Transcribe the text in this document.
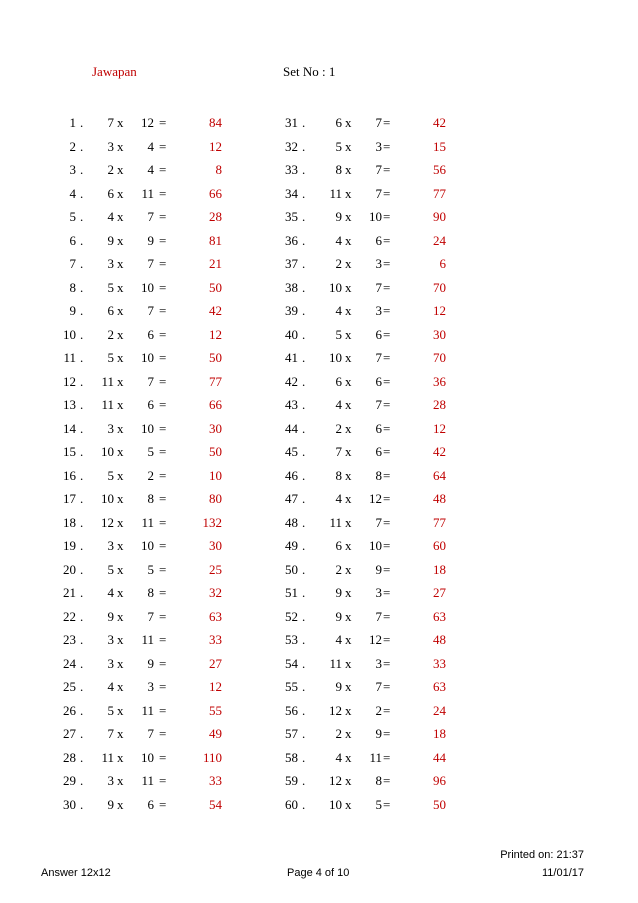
Jawapan	Set No : 1
1 .	7 x	12 =	84	31 .	6 x	7 =	42
2 .	3 x	4 =	12	32 .	5 x	3 =	15
3 .	2 x	4 =	8	33 .	8 x	7 =	56
4 .	6 x	11 =	66	34 .	11 x	7 =	77
5 .	4 x	7 =	28	35 .	9 x	10 =	90
6 .	9 x	9 =	81	36 .	4 x	6 =	24
7 .	3 x	7 =	21	37 .	2 x	3 =	6
8 .	5 x	10 =	50	38 .	10 x	7 =	70
9 .	6 x	7 =	42	39 .	4 x	3 =	12
10 .	2 x	6 =	12	40 .	5 x	6 =	30
11 .	5 x	10 =	50	41 .	10 x	7 =	70
12 .	11 x	7 =	77	42 .	6 x	6 =	36
13 .	11 x	6 =	66	43 .	4 x	7 =	28
14 .	3 x	10 =	30	44 .	2 x	6 =	12
15 .	10 x	5 =	50	45 .	7 x	6 =	42
16 .	5 x	2 =	10	46 .	8 x	8 =	64
17 .	10 x	8 =	80	47 .	4 x	12 =	48
18 .	12 x	11 =	132	48 .	11 x	7 =	77
19 .	3 x	10 =	30	49 .	6 x	10 =	60
20 .	5 x	5 =	25	50 .	2 x	9 =	18
21 .	4 x	8 =	32	51 .	9 x	3 =	27
22 .	9 x	7 =	63	52 .	9 x	7 =	63
23 .	3 x	11 =	33	53 .	4 x	12 =	48
24 .	3 x	9 =	27	54 .	11 x	3 =	33
25 .	4 x	3 =	12	55 .	9 x	7 =	63
26 .	5 x	11 =	55	56 .	12 x	2 =	24
27 .	7 x	7 =	49	57 .	2 x	9 =	18
28 .	11 x	10 =	110	58 .	4 x	11 =	44
29 .	3 x	11 =	33	59 .	12 x	8 =	96
30 .	9 x	6 =	54	60 .	10 x	5 =	50
Printed on: 21:37
Answer 12x12	Page 4 of 10	11/01/17
